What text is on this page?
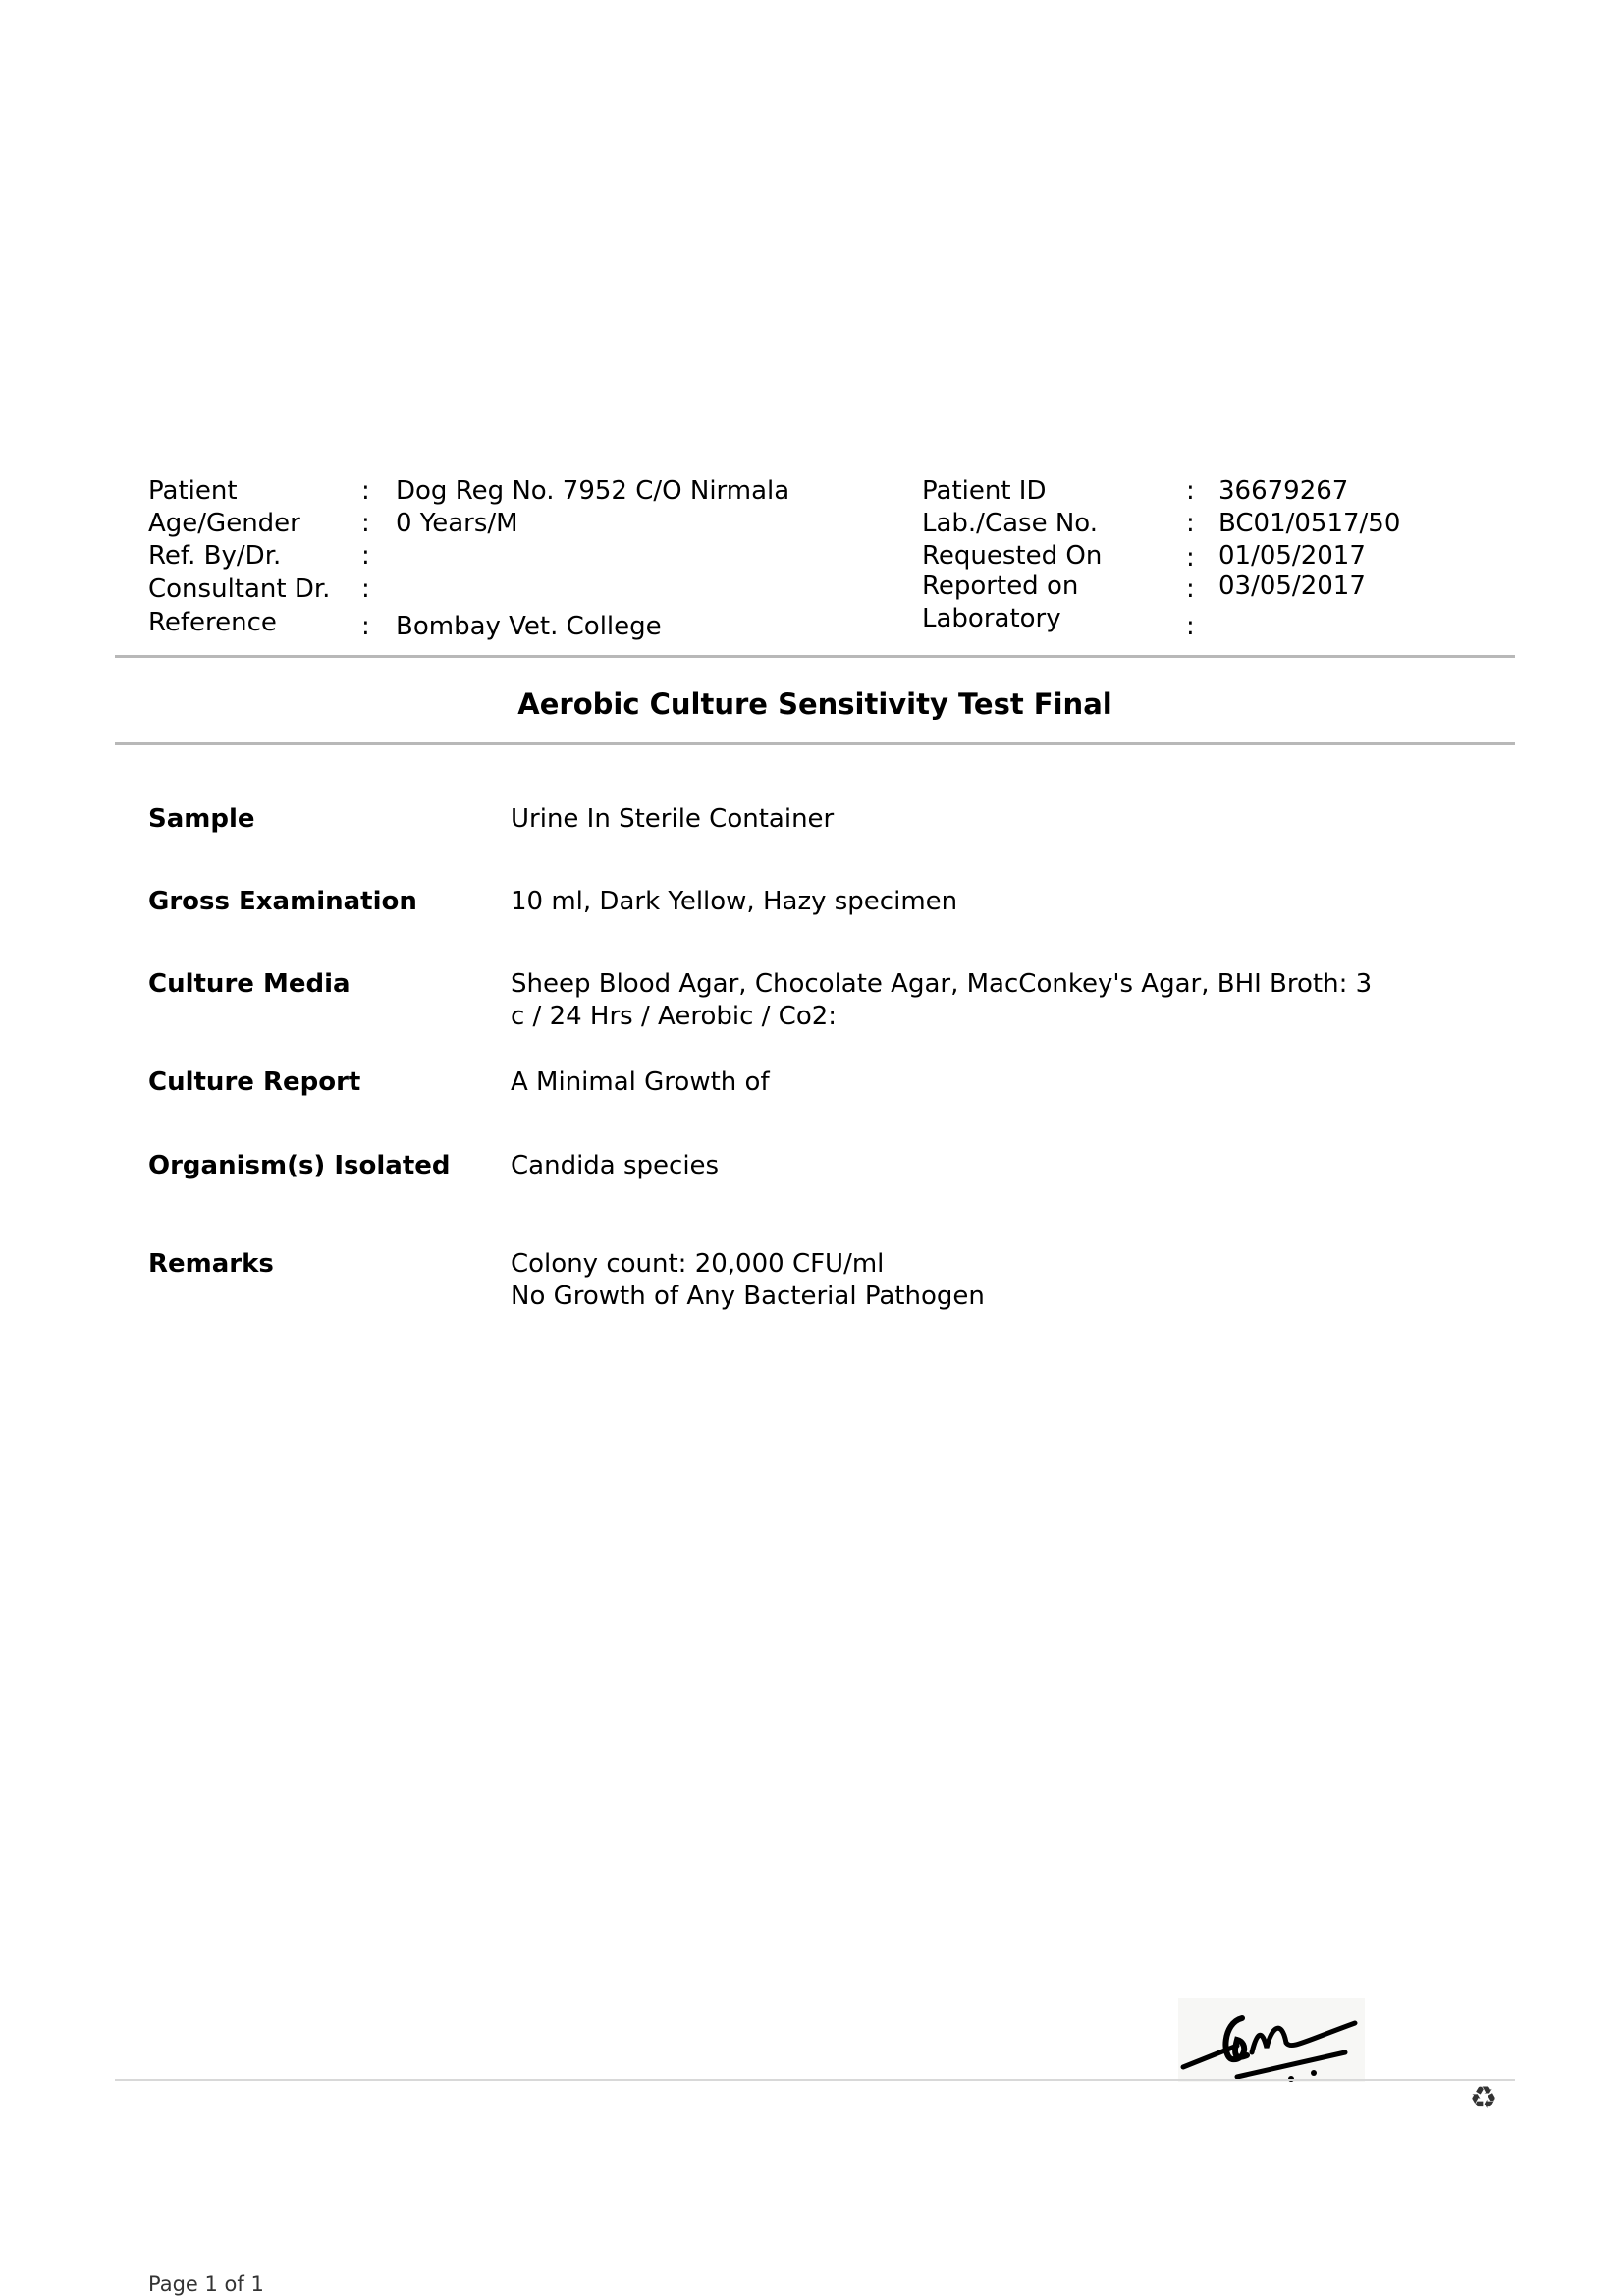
Patient	: Dog Reg No. 7952 C/O Nirmala
Age/Gender : 0 Years/M
Ref. By/Dr.	:
Consultant Dr. :
Reference	: Bombay Vet. College
Patient ID	: 36679267
Lab./Case No.	: BC01/0517/50
Requested On	: 01/05/2017
Reported on	: 03/05/2017
Laboratory	:
Aerobic Culture Sensitivity Test Final
Sample	Urine In Sterile Container
Gross Examination	10 ml, Dark Yellow, Hazy specimen
Culture Media	Sheep Blood Agar, Chocolate Agar, MacConkey's Agar, BHI Broth: 3
c / 24 Hrs / Aerobic / Co2:
Culture Report	A Minimal Growth of
Organism(s) Isolated Candida species
Remarks	Colony count: 20,000 CFU/ml
No Growth of Any Bacterial Pathogen
♻
Page 1 of 1
